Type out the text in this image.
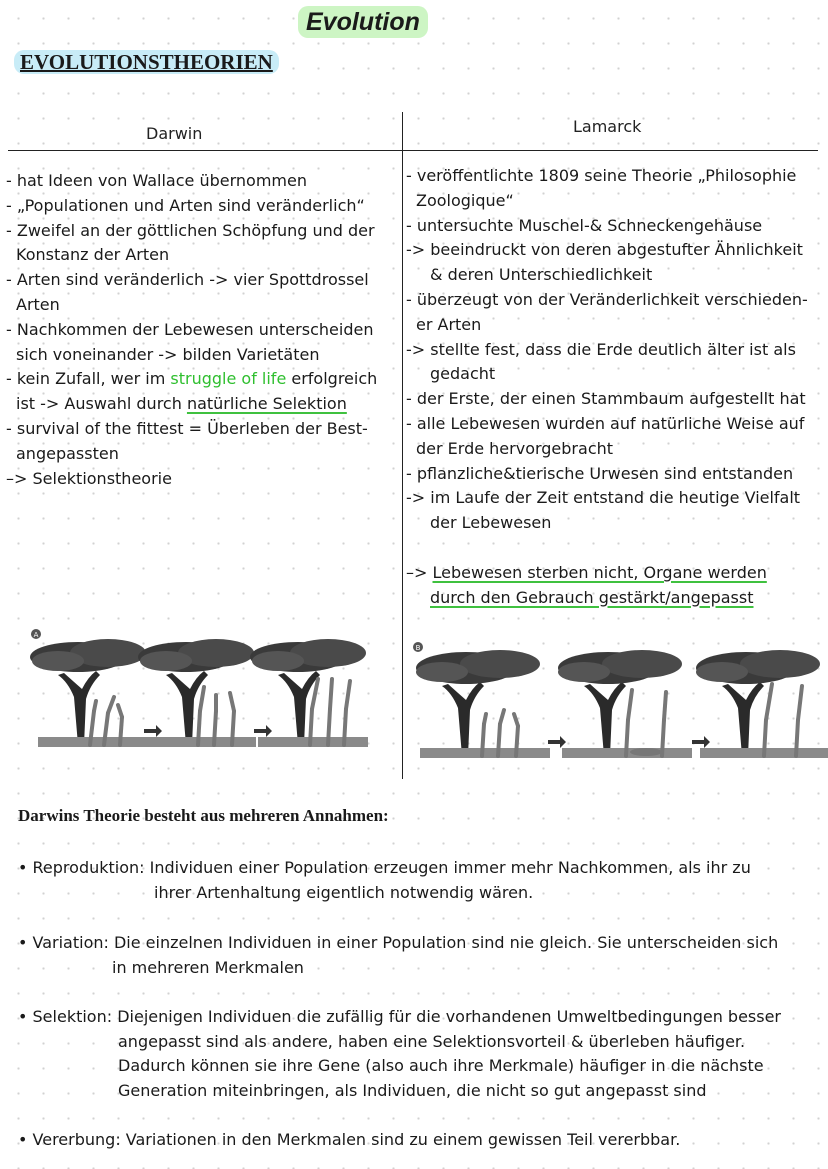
Evolution
EVOLUTIONSTHEORIEN
Darwin	Lamarck
- hat Ideen von Wallace übernommen
- „Populationen und Arten sind veränderlich“
- Zweifel an der göttlichen Schöpfung und der
Konstanz der Arten
- Arten sind veränderlich -> vier Spottdrossel
Arten
- Nachkommen der Lebewesen unterscheiden
sich voneinander -> bilden Varietäten
- kein Zufall, wer im struggle of life erfolgreich
ist -> Auswahl durch natürliche Selektion
- survival of the fittest = Überleben der Best-
angepassten
–> Selektionstheorie
- veröffentlichte 1809 seine Theorie „Philosophie
Zoologique“
- untersuchte Muschel-& Schneckengehäuse
-> beeindruckt von deren abgestufter Ähnlichkeit
& deren Unterschiedlichkeit
- überzeugt von der Veränderlichkeit verschieden-
er Arten
-> stellte fest, dass die Erde deutlich älter ist als
gedacht
- der Erste, der einen Stammbaum aufgestellt hat
- alle Lebewesen wurden auf natürliche Weise auf
der Erde hervorgebracht
- pflanzliche&tierische Urwesen sind entstanden
-> im Laufe der Zeit entstand die heutige Vielfalt
der Lebewesen

–> Lebewesen sterben nicht, Organe werden
durch den Gebrauch gestärkt/angepasst
A
B
Darwins Theorie besteht aus mehreren Annahmen:
• Reproduktion: Individuen einer Population erzeugen immer mehr Nachkommen, als ihr zu
ihrer Artenhaltung eigentlich notwendig wären.
• Variation: Die einzelnen Individuen in einer Population sind nie gleich. Sie unterscheiden sich
in mehreren Merkmalen
• Selektion: Diejenigen Individuen die zufällig für die vorhandenen Umweltbedingungen besser
angepasst sind als andere, haben eine Selektionsvorteil & überleben häufiger.
Dadurch können sie ihre Gene (also auch ihre Merkmale) häufiger in die nächste
Generation miteinbringen, als Individuen, die nicht so gut angepasst sind
• Vererbung: Variationen in den Merkmalen sind zu einem gewissen Teil vererbbar.
